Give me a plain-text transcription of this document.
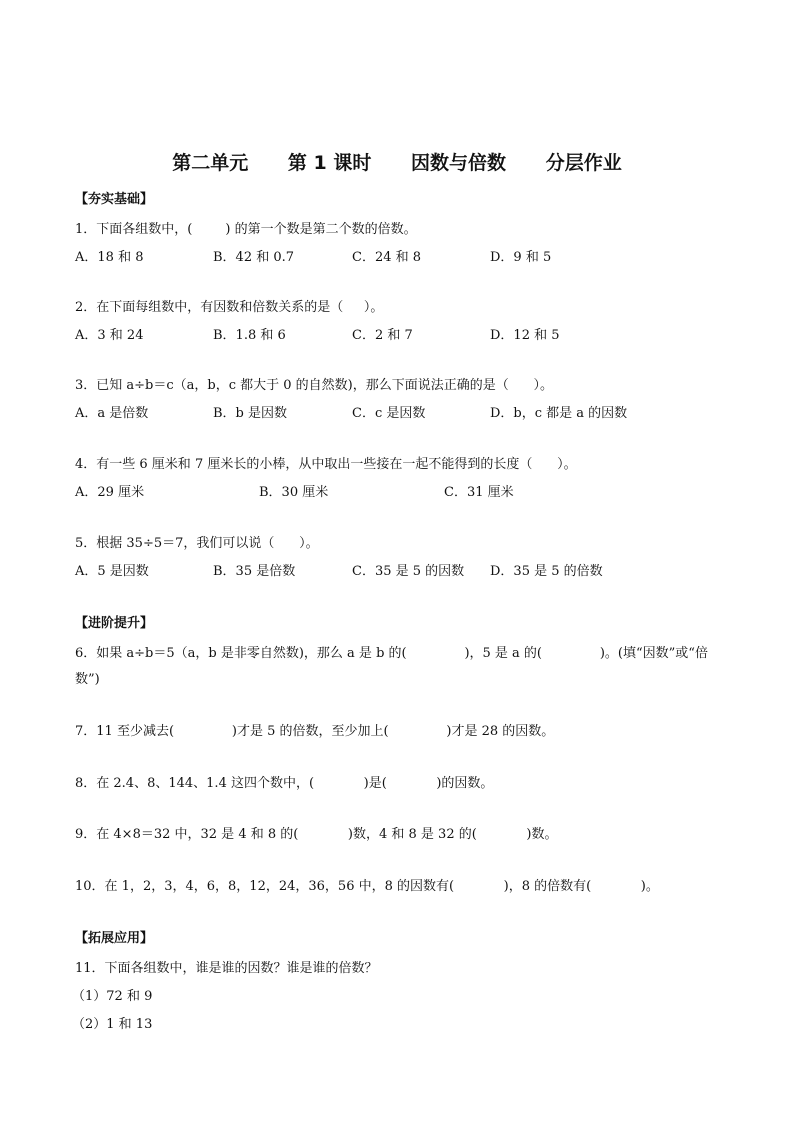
第二单元      第 1 课时      因数与倍数      分层作业
【夯实基础】
1．下面各组数中，(        ) 的第一个数是第二个数的倍数。
A．18 和 8	B．42 和 0.7	C．24 和 8	D．9 和 5
2．在下面每组数中，有因数和倍数关系的是（     ）。
A．3 和 24	B．1.8 和 6	C．2 和 7	D．12 和 5
3．已知 a÷b＝c（a，b，c 都大于 0 的自然数)，那么下面说法正确的是（      ）。
A．a 是倍数	B．b 是因数	C．c 是因数	D．b，c 都是 a 的因数
4．有一些 6 厘米和 7 厘米长的小棒，从中取出一些接在一起不能得到的长度（      ）。
A．29 厘米	B．30 厘米	C．31 厘米
5．根据 35÷5＝7，我们可以说（      ）。
A．5 是因数	B．35 是倍数	C．35 是 5 的因数 D．35 是 5 的倍数
【进阶提升】
6．如果 a÷b＝5（a，b 是非零自然数)，那么 a 是 b 的(              )，5 是 a 的(              )。(填“因数”或“倍
数”)
7．11 至少减去(              )才是 5 的倍数，至少加上(              )才是 28 的因数。
8．在 2.4、8、144、1.4 这四个数中，(            )是(            )的因数。
9．在 4×8＝32 中，32 是 4 和 8 的(            )数，4 和 8 是 32 的(            )数。
10．在 1，2，3，4，6，8，12，24，36，56 中，8 的因数有(            )，8 的倍数有(            )。
【拓展应用】
11．下面各组数中，谁是谁的因数？谁是谁的倍数？
（1）72 和 9
（2）1 和 13
